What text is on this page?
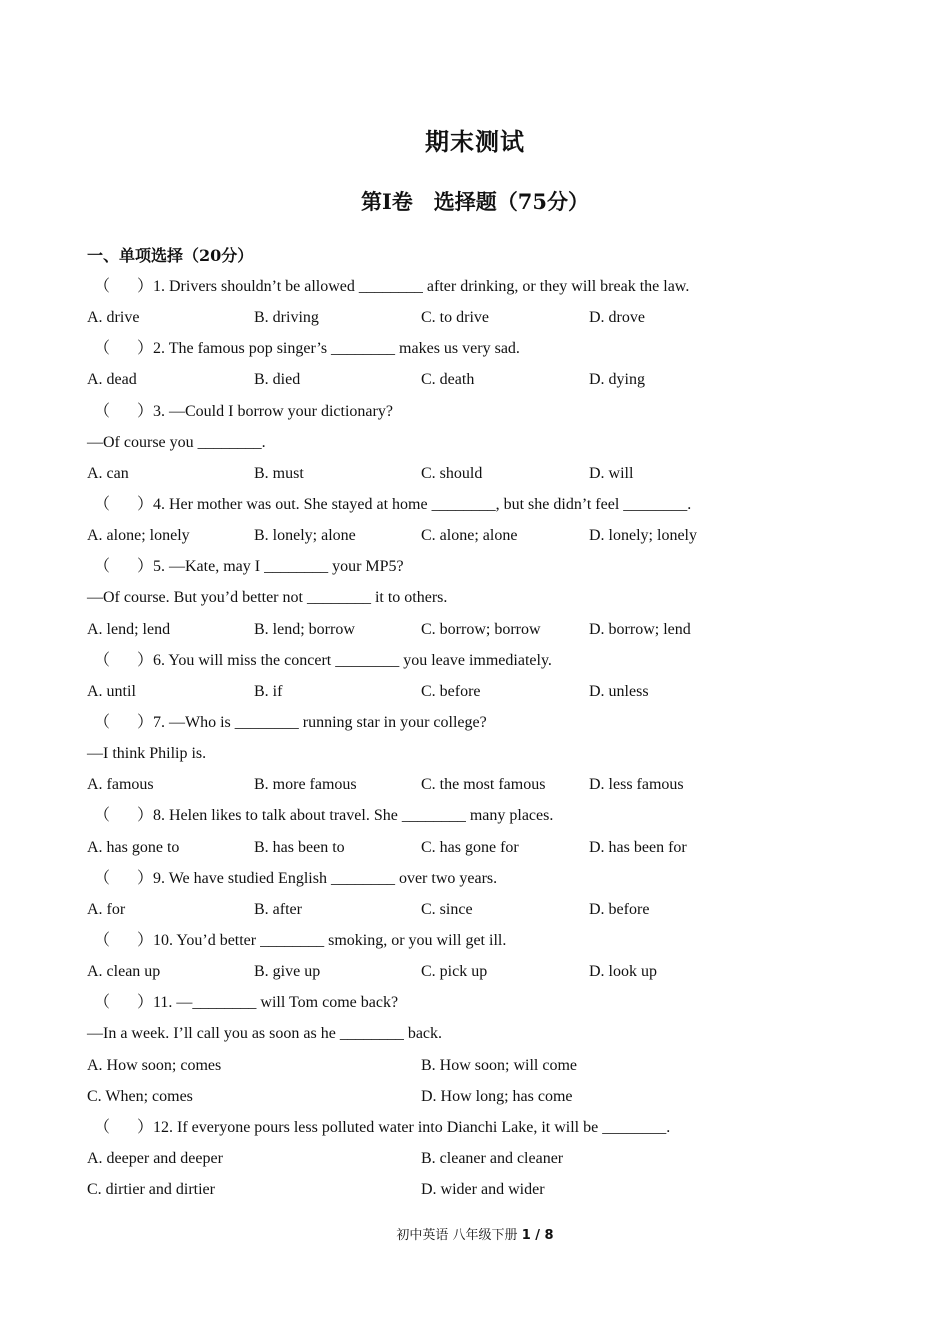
期末测试
第Ⅰ卷　选择题（75分）
一、单项选择（20分）
（ ） 1. Drivers shouldn’t be allowed ________ after drinking, or they will break the law.
A. drive	B. driving	C. to drive	D. drove
（ ） 2. The famous pop singer’s ________ makes us very sad.
A. dead	B. died	C. death	D. dying
（ ） 3. —Could I borrow your dictionary?
—Of course you ________.
A. can	B. must	C. should	D. will
（ ） 4. Her mother was out. She stayed at home ________, but she didn’t feel ________.
A. alone; lonely	B. lonely; alone	C. alone; alone	D. lonely; lonely
（ ） 5. —Kate, may I ________ your MP5?
—Of course. But you’d better not ________ it to others.
A. lend; lend	B. lend; borrow	C. borrow; borrow	D. borrow; lend
（ ） 6. You will miss the concert ________ you leave immediately.
A. until	B. if	C. before	D. unless
（ ） 7. —Who is ________ running star in your college?
—I think Philip is.
A. famous	B. more famous	C. the most famous	D. less famous
（ ） 8. Helen likes to talk about travel. She ________ many places.
A. has gone to	B. has been to	C. has gone for	D. has been for
（ ） 9. We have studied English ________ over two years.
A. for	B. after	C. since	D. before
（ ） 10. You’d better ________ smoking, or you will get ill.
A. clean up	B. give up	C. pick up	D. look up
（ ） 11. —________ will Tom come back?
—In a week. I’ll call you as soon as he ________ back.
A. How soon; comes	B. How soon; will come
C. When; comes	D. How long; has come
（ ） 12. If everyone pours less polluted water into Dianchi Lake, it will be ________.
A. deeper and deeper	B. cleaner and cleaner
C. dirtier and dirtier	D. wider and wider
初中英语 八年级下册 1 / 8
